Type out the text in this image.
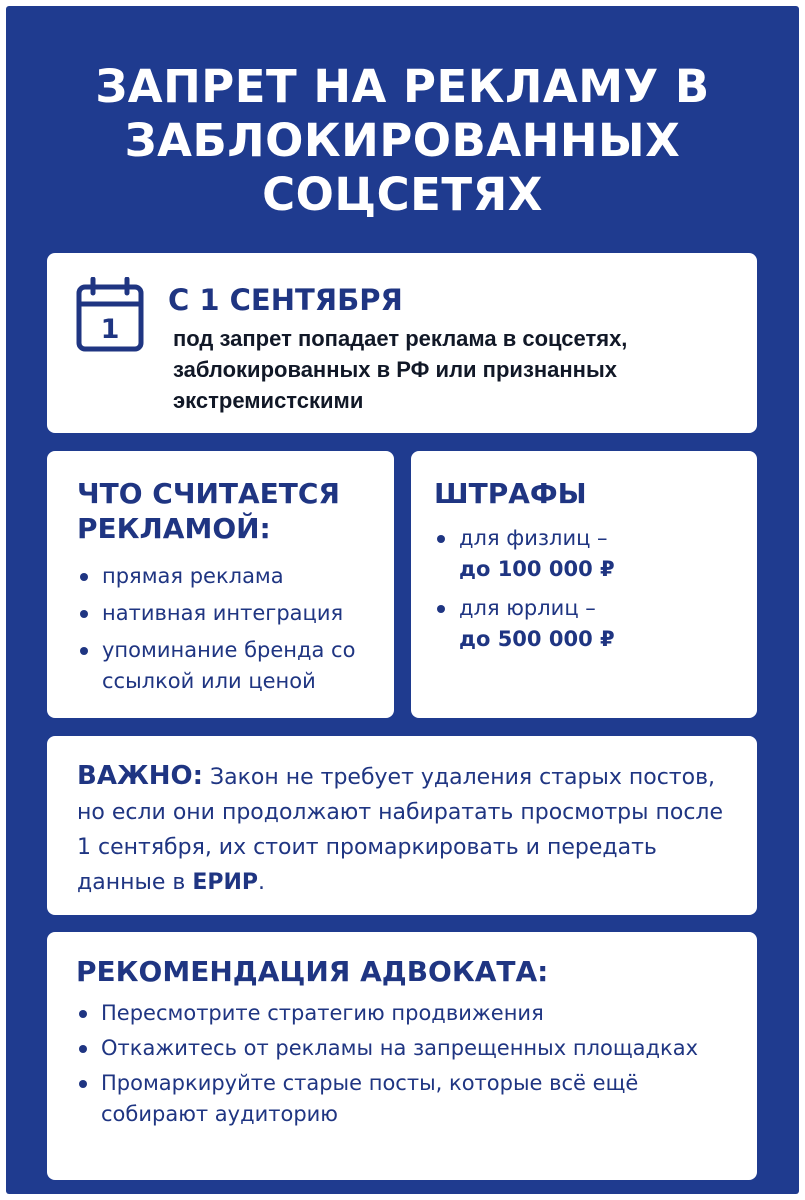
ЗАПРЕТ НА РЕКЛАМУ В
ЗАБЛОКИРОВАННЫХ
СОЦСЕТЯХ
1
С 1 СЕНТЯБРЯ
под запрет попадает реклама в соцсетях, заблокированных в РФ или признанных экстремистскими
ЧТО СЧИТАЕТСЯ РЕКЛАМОЙ:
прямая реклама
нативная интеграция
упоминание бренда со ссылкой или ценой
ШТРАФЫ
для физлиц –
до 100 000 ₽
для юрлиц –
до 500 000 ₽
ВАЖНО: Закон не требует удаления старых постов, но если они продолжают набиратать просмотры после 1 сентября, их стоит промаркировать и передать данные в ЕРИР.
РЕКОМЕНДАЦИЯ АДВОКАТА:
Пересмотрите стратегию продвижения
Откажитесь от рекламы на запрещенных площадках
Промаркируйте старые посты, которые всё ещё собирают аудиторию
